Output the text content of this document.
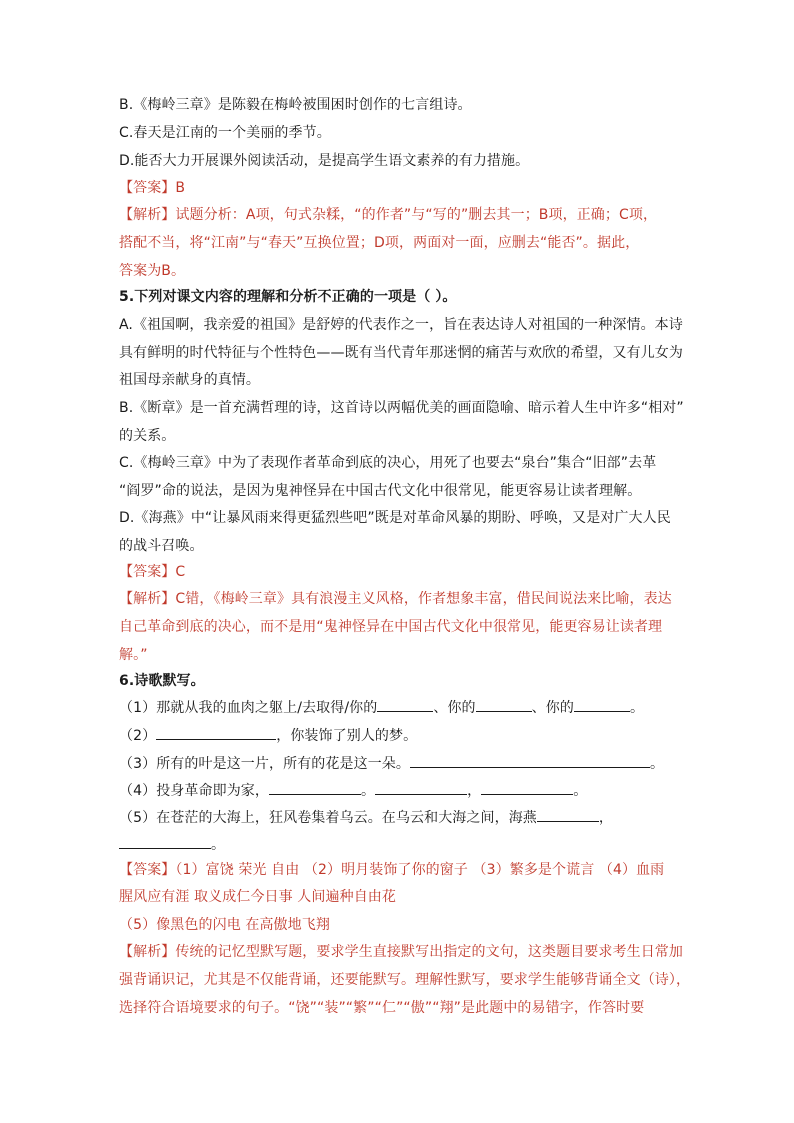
B.《梅岭三章》是陈毅在梅岭被围困时创作的七言组诗。
C.春天是江南的一个美丽的季节。
D.能否大力开展课外阅读活动，是提高学生语文素养的有力措施。
【答案】B
【解析】试题分析：A项，句式杂糅，“的作者”与“写的”删去其一；B项，正确；C项，
搭配不当，将“江南”与“春天”互换位置；D项，两面对一面，应删去“能否”。据此，
答案为B。
5.下列对课文内容的理解和分析不正确的一项是（ ）。
A.《祖国啊，我亲爱的祖国》是舒婷的代表作之一，旨在表达诗人对祖国的一种深情。本诗
具有鲜明的时代特征与个性特色——既有当代青年那迷惘的痛苦与欢欣的希望，又有儿女为
祖国母亲献身的真情。
B.《断章》是一首充满哲理的诗，这首诗以两幅优美的画面隐喻、暗示着人生中许多“相对”
的关系。
C.《梅岭三章》中为了表现作者革命到底的决心，用死了也要去“泉台”集合“旧部”去革
“阎罗”命的说法，是因为鬼神怪异在中国古代文化中很常见，能更容易让读者理解。
D.《海燕》中“让暴风雨来得更猛烈些吧”既是对革命风暴的期盼、呼唤，又是对广大人民
的战斗召唤。
【答案】C
【解析】C错，《梅岭三章》具有浪漫主义风格，作者想象丰富，借民间说法来比喻，表达
自己革命到底的决心，而不是用“鬼神怪异在中国古代文化中很常见，能更容易让读者理
解。”
6.诗歌默写。
（1）那就从我的血肉之躯上/去取得/你的	、你的	、你的	。
（2）	，你装饰了别人的梦。
（3）所有的叶是这一片，所有的花是这一朵。	。
（4）投身革命即为家，	。	，	。
（5）在苍茫的大海上，狂风卷集着乌云。在乌云和大海之间，海燕	，
。
【答案】（1）富饶 荣光 自由 （2）明月装饰了你的窗子 （3）繁多是个谎言 （4）血雨
腥风应有涯 取义成仁今日事 人间遍种自由花
（5）像黑色的闪电 在高傲地飞翔
【解析】传统的记忆型默写题，要求学生直接默写出指定的文句，这类题目要求考生日常加
强背诵识记，尤其是不仅能背诵，还要能默写。理解性默写，要求学生能够背诵全文（诗），
选择符合语境要求的句子。“饶”“装”“繁”“仁”“傲”“翔”是此题中的易错字，作答时要
